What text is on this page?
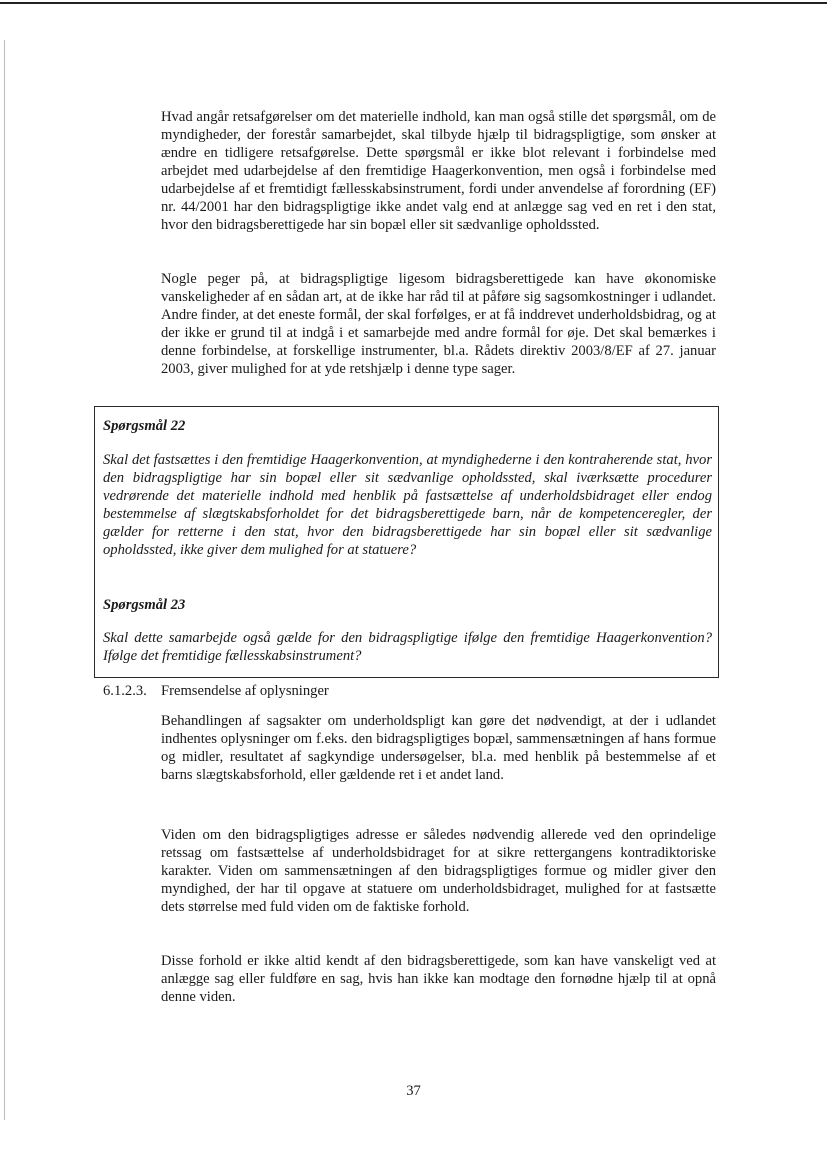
Hvad angår retsafgørelser om det materielle indhold, kan man også stille det spørgsmål, om de myndigheder, der forestår samarbejdet, skal tilbyde hjælp til bidragspligtige, som ønsker at ændre en tidligere retsafgørelse. Dette spørgsmål er ikke blot relevant i forbindelse med arbejdet med udarbejdelse af den fremtidige Haagerkonvention, men også i forbindelse med udarbejdelse af et fremtidigt fællesskabsinstrument, fordi under anvendelse af forordning (EF) nr. 44/2001 har den bidragspligtige ikke andet valg end at anlægge sag ved en ret i den stat, hvor den bidragsberettigede har sin bopæl eller sit sædvanlige opholdssted.

Nogle peger på, at bidragspligtige ligesom bidragsberettigede kan have økonomiske vanskeligheder af en sådan art, at de ikke har råd til at påføre sig sagsomkostninger i udlandet. Andre finder, at det eneste formål, der skal forfølges, er at få inddrevet underholdsbidrag, og at der ikke er grund til at indgå i et samarbejde med andre formål for øje. Det skal bemærkes i denne forbindelse, at forskellige instrumenter, bl.a. Rådets direktiv 2003/8/EF af 27. januar 2003, giver mulighed for at yde retshjælp i denne type sager.

Spørgsmål 22

Skal det fastsættes i den fremtidige Haagerkonvention, at myndighederne i den kontraherende stat, hvor den bidragspligtige har sin bopæl eller sit sædvanlige opholdssted, skal iværksætte procedurer vedrørende det materielle indhold med henblik på fastsættelse af underholdsbidraget eller endog bestemmelse af slægtskabsforholdet for det bidragsberettigede barn, når de kompetenceregler, der gælder for retterne i den stat, hvor den bidragsberettigede har sin bopæl eller sit sædvanlige opholdssted, ikke giver dem mulighed for at statuere?

Spørgsmål 23

Skal dette samarbejde også gælde for den bidragspligtige ifølge den fremtidige Haagerkonvention? Ifølge det fremtidige fællesskabsinstrument?

6.1.2.3. Fremsendelse af oplysninger

Behandlingen af sagsakter om underholdspligt kan gøre det nødvendigt, at der i udlandet indhentes oplysninger om f.eks. den bidragspligtiges bopæl, sammensætningen af hans formue og midler, resultatet af sagkyndige undersøgelser, bl.a. med henblik på bestemmelse af et barns slægtskabsforhold, eller gældende ret i et andet land.

Viden om den bidragspligtiges adresse er således nødvendig allerede ved den oprindelige retssag om fastsættelse af underholdsbidraget for at sikre rettergangens kontradiktoriske karakter. Viden om sammensætningen af den bidragspligtiges formue og midler giver den myndighed, der har til opgave at statuere om underholdsbidraget, mulighed for at fastsætte dets størrelse med fuld viden om de faktiske forhold.

Disse forhold er ikke altid kendt af den bidragsberettigede, som kan have vanskeligt ved at anlægge sag eller fuldføre en sag, hvis han ikke kan modtage den fornødne hjælp til at opnå denne viden.

37
